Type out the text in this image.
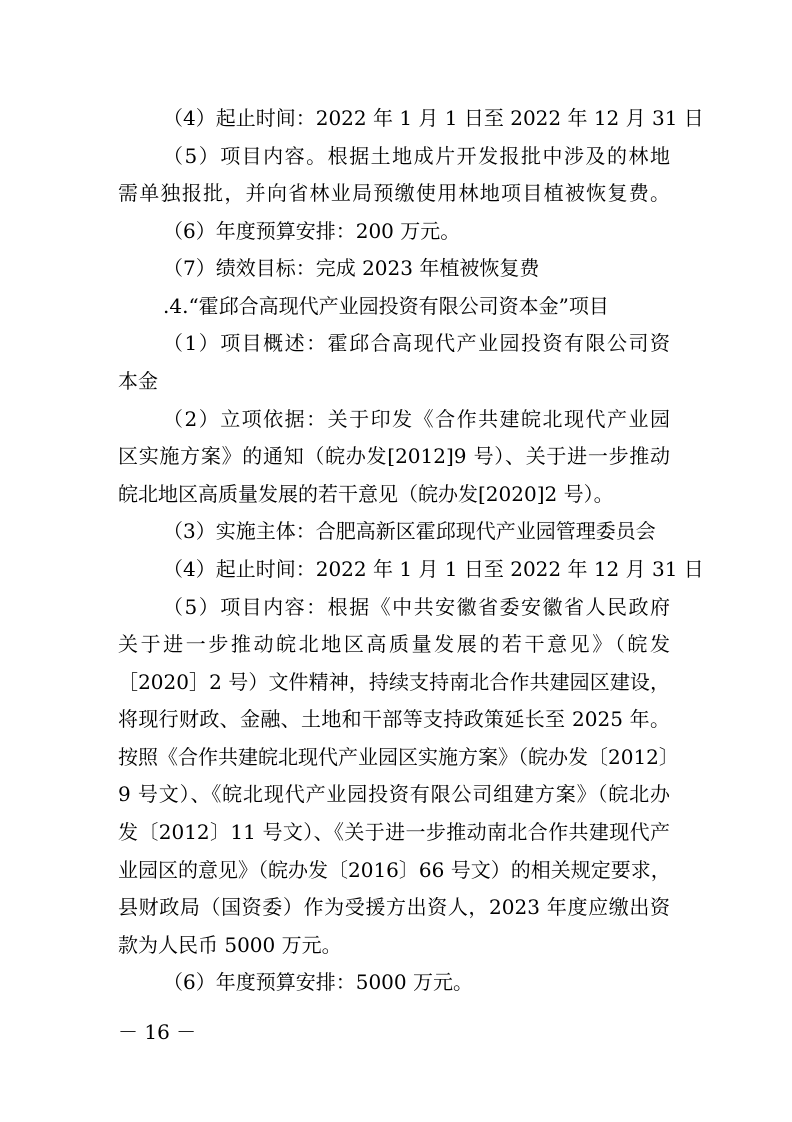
（4）起止时间：2022 年 1 月 1 日至 2022 年 12 月 31 日
（5）项目内容。根据土地成片开发报批中涉及的林地
需单独报批，并向省林业局预缴使用林地项目植被恢复费。
（6）年度预算安排：200 万元。
（7）绩效目标：完成 2023 年植被恢复费
.4.“霍邱合高现代产业园投资有限公司资本金”项目
（1）项目概述：霍邱合高现代产业园投资有限公司资
本金
（2）立项依据：关于印发《合作共建皖北现代产业园
区实施方案》的通知（皖办发[2012]9 号）、关于进一步推动
皖北地区高质量发展的若干意见（皖办发[2020]2 号）。
（3）实施主体：合肥高新区霍邱现代产业园管理委员会
（4）起止时间：2022 年 1 月 1 日至 2022 年 12 月 31 日
（5）项目内容：根据《中共安徽省委安徽省人民政府
关于进一步推动皖北地区高质量发展的若干意见》（皖发
［2020］2 号）文件精神，持续支持南北合作共建园区建设，
将现行财政、金融、土地和干部等支持政策延长至 2025 年。
按照《合作共建皖北现代产业园区实施方案》（皖办发〔2012〕
9 号文）、《皖北现代产业园投资有限公司组建方案》（皖北办
发〔2012〕11 号文）、《关于进一步推动南北合作共建现代产
业园区的意见》（皖办发〔2016〕66 号文）的相关规定要求，
县财政局（国资委）作为受援方出资人，2023 年度应缴出资
款为人民币 5000 万元。
（6）年度预算安排：5000 万元。
－ 16 －
